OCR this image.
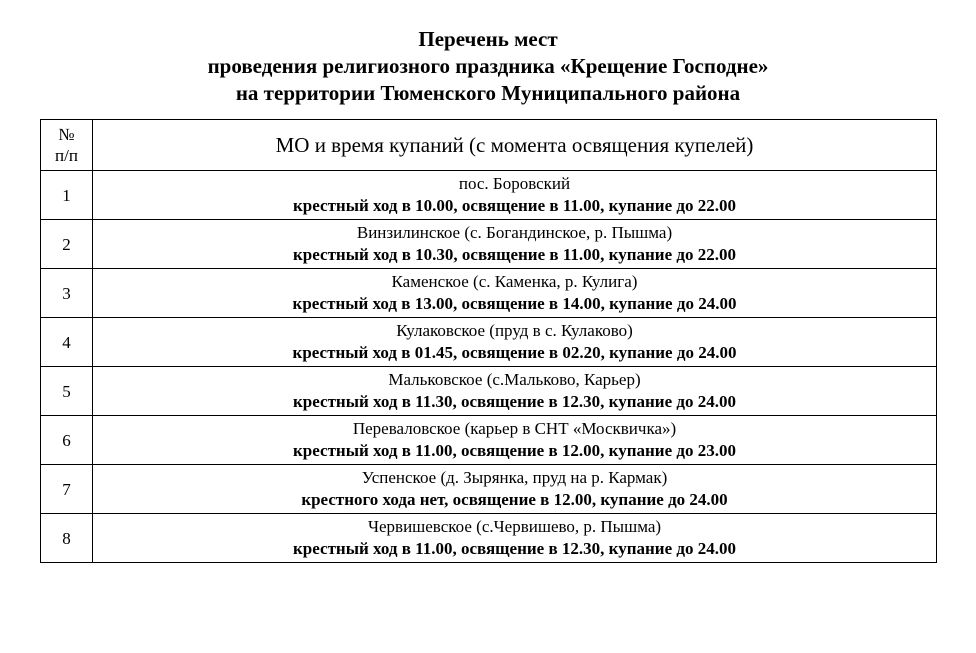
Перечень мест
проведения религиозного праздника «Крещение Господне»
на территории Тюменского Муниципального района
№
п/п	МО и время купаний (с момента освящения купелей)
1	пос. Боровский
крестный ход в 10.00, освящение в 11.00, купание до 22.00

2	Винзилинское (с. Богандинское, р. Пышма)
крестный ход в 10.30, освящение в 11.00, купание до 22.00

3	Каменское (с. Каменка, р. Кулига)
крестный ход в 13.00, освящение в 14.00, купание до 24.00

4	Кулаковское (пруд в с. Кулаково)
крестный ход в 01.45, освящение в 02.20, купание до 24.00

5	Мальковское (с.Мальково, Карьер)
крестный ход в 11.30, освящение в 12.30, купание до 24.00

6	Переваловское (карьер в СНТ «Москвичка»)
крестный ход в 11.00, освящение в 12.00, купание до 23.00

7	Успенское (д. Зырянка, пруд на р. Кармак)
крестного хода нет, освящение в 12.00, купание до 24.00

8	Червишевское (с.Червишево, р. Пышма)
крестный ход в 11.00, освящение в 12.30, купание до 24.00
